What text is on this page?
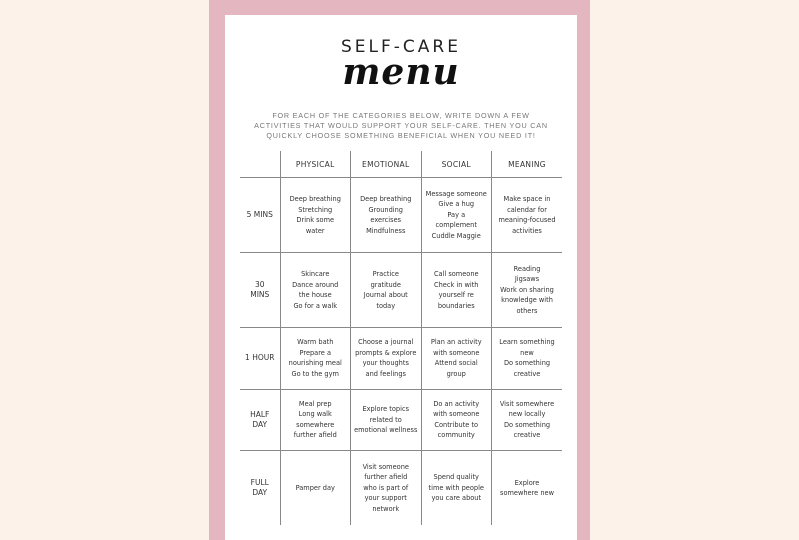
SELF-CARE
menu
FOR EACH OF THE CATEGORIES BELOW, WRITE DOWN A FEW ACTIVITIES THAT WOULD SUPPORT YOUR SELF-CARE. THEN YOU CAN QUICKLY CHOOSE SOMETHING BENEFICIAL WHEN YOU NEED IT!
	PHYSICAL	EMOTIONAL	SOCIAL	MEANING
5 MINS	Deep breathing
Stretching
Drink some
water	Deep breathing
Grounding
exercises
Mindfulness	Message someone
Give a hug
Pay a
complement
Cuddle Maggie	Make space in
calendar for
meaning-focused
activities
30
MINS	Skincare
Dance around
the house
Go for a walk	Practice
gratitude
Journal about
today	Call someone
Check in with
yourself re
boundaries	Reading
Jigsaws
Work on sharing
knowledge with
others
1 HOUR	Warm bath
Prepare a
nourishing meal
Go to the gym	Choose a journal
prompts & explore
your thoughts
and feelings	Plan an activity
with someone
Attend social
group	Learn something
new
Do something
creative
HALF
DAY	Meal prep
Long walk
somewhere
further afield	Explore topics
related to
emotional wellness	Do an activity
with someone
Contribute to
community	Visit somewhere
new locally
Do something
creative
FULL
DAY	Pamper day	Visit someone
further afield
who is part of
your support
network	Spend quality
time with people
you care about	Explore
somewhere new
